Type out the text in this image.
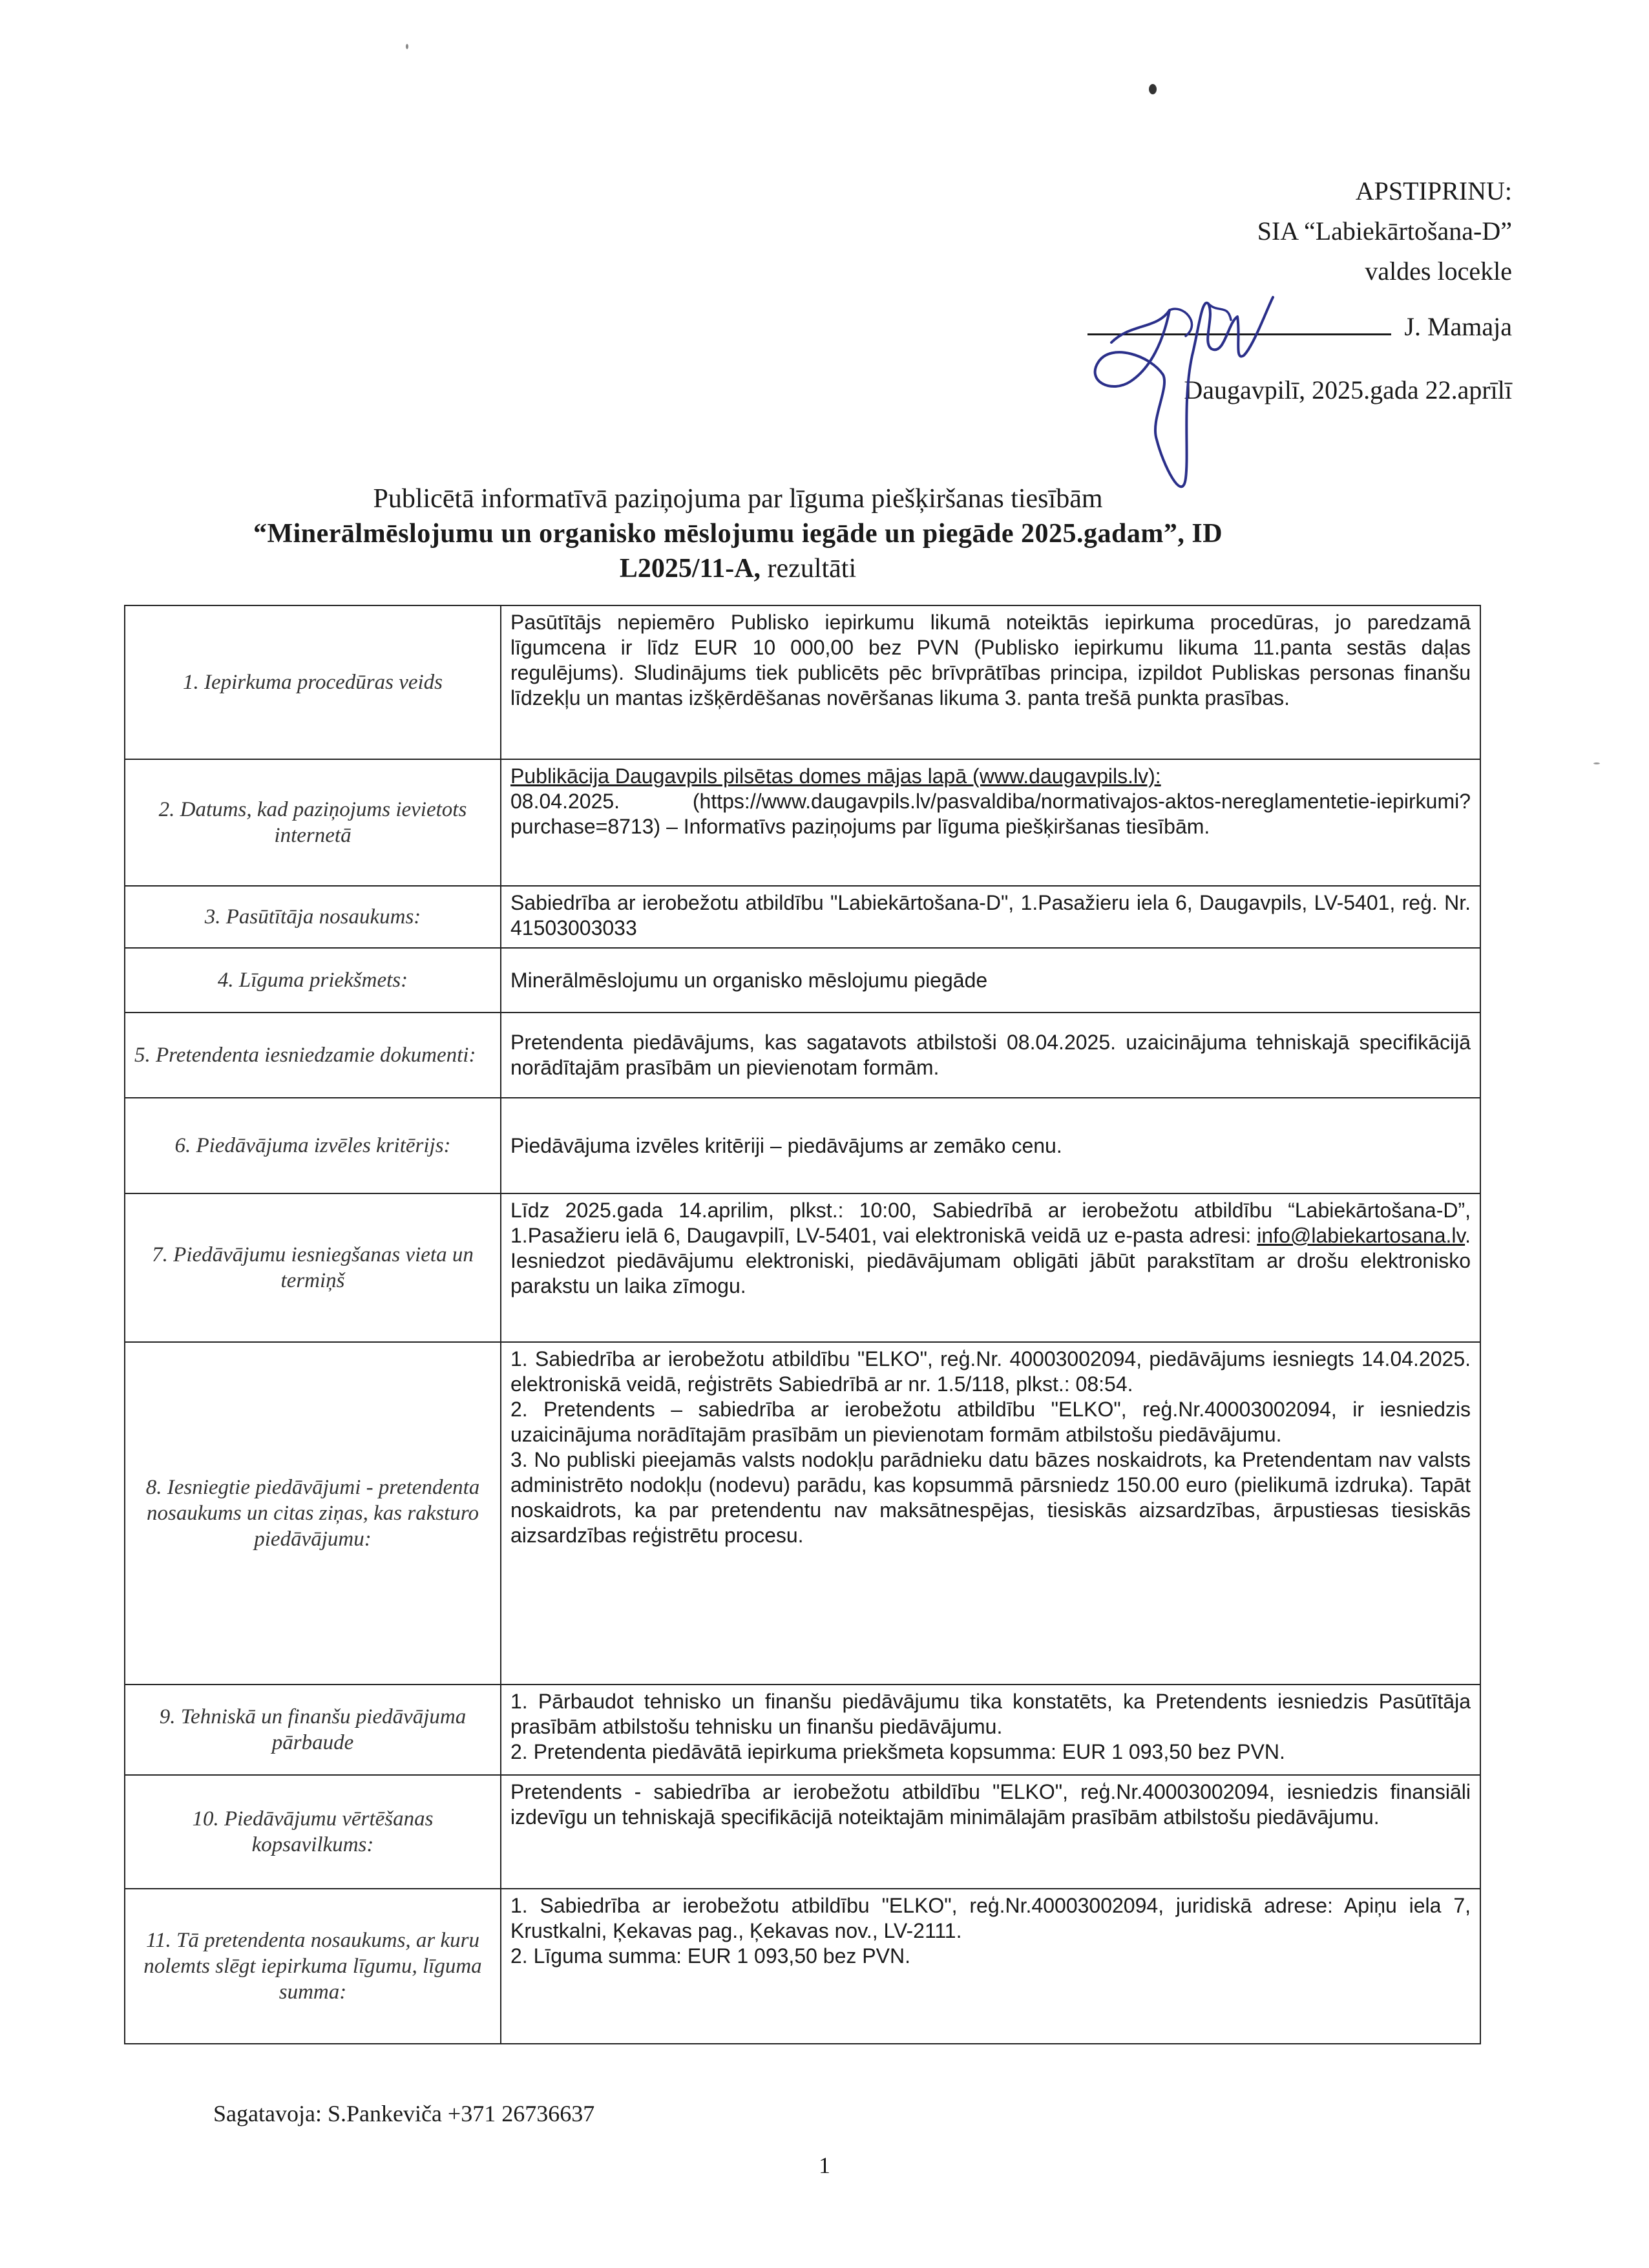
APSTIPRINU:
SIA “Labiekārtošana-D”
valdes locekle
J. Mamaja
Daugavpilī, 2025.gada 22.aprīlī
Publicētā informatīvā paziņojuma par līguma piešķiršanas tiesībām
“Minerālmēslojumu un organisko mēslojumu iegāde un piegāde 2025.gadam”, ID
L2025/11-A, rezultāti
1. Iepirkuma procedūras veids	Pasūtītājs nepiemēro Publisko iepirkumu likumā noteiktās iepirkuma procedūras, jo paredzamā līgumcena ir līdz EUR 10 000,00 bez PVN (Publisko iepirkumu likuma 11.panta sestās daļas regulējums). Sludinājums tiek publicēts pēc brīvprātības principa, izpildot Publiskas personas finanšu līdzekļu un mantas izšķērdēšanas novēršanas likuma 3. panta trešā punkta prasības.
2. Datums, kad paziņojums ievietots internetā	Publikācija Daugavpils pilsētas domes mājas lapā (www.daugavpils.lv):

08.04.2025. (https://www.daugavpils.lv/pasvaldiba/normativajos-aktos-nereglamentetie-iepirkumi?purchase=8713) – Informatīvs paziņojums par līguma piešķiršanas tiesībām.

3. Pasūtītāja nosaukums:	Sabiedrība ar ierobežotu atbildību "Labiekārtošana-D", 1.Pasažieru iela 6, Daugavpils, LV-5401, reģ. Nr. 41503003033
4. Līguma priekšmets:	Minerālmēslojumu un organisko mēslojumu piegāde
5. Pretendenta iesniedzamie dokumenti:	Pretendenta piedāvājums, kas sagatavots atbilstoši 08.04.2025. uzaicinājuma tehniskajā specifikācijā norādītajām prasībām un pievienotam formām.
6. Piedāvājuma izvēles kritērijs:	Piedāvājuma izvēles kritēriji – piedāvājums ar zemāko cenu.
7. Piedāvājumu iesniegšanas vieta un termiņš	Līdz 2025.gada 14.aprilim, plkst.: 10:00, Sabiedrībā ar ierobežotu atbildību “Labiekārtošana-D”, 1.Pasažieru ielā 6, Daugavpilī, LV-5401, vai elektroniskā veidā uz e-pasta adresi: info@labiekartosana.lv. Iesniedzot piedāvājumu elektroniski, piedāvājumam obligāti jābūt parakstītam ar drošu elektronisko parakstu un laika zīmogu.
8. Iesniegtie piedāvājumi - pretendenta nosaukums un citas ziņas, kas raksturo piedāvājumu:	1. Sabiedrība ar ierobežotu atbildību "ELKO", reģ.Nr. 40003002094, piedāvājums iesniegts 14.04.2025. elektroniskā veidā, reģistrēts Sabiedrībā ar nr. 1.5/118, plkst.: 08:54.

2. Pretendents – sabiedrība ar ierobežotu atbildību "ELKO", reģ.Nr.40003002094, ir iesniedzis uzaicinājuma norādītajām prasībām un pievienotam formām atbilstošu piedāvājumu.

3. No publiski pieejamās valsts nodokļu parādnieku datu bāzes noskaidrots, ka Pretendentam nav valsts administrēto nodokļu (nodevu) parādu, kas kopsummā pārsniedz 150.00 euro (pielikumā izdruka). Tapāt noskaidrots, ka par pretendentu nav maksātnespējas, tiesiskās aizsardzības, ārpustiesas tiesiskās aizsardzības reģistrētu procesu.

9. Tehniskā un finanšu piedāvājuma pārbaude	1. Pārbaudot tehnisko un finanšu piedāvājumu tika konstatēts, ka Pretendents iesniedzis Pasūtītāja prasībām atbilstošu tehnisku un finanšu piedāvājumu.

2. Pretendenta piedāvātā iepirkuma priekšmeta kopsumma: EUR 1 093,50 bez PVN.

10. Piedāvājumu vērtēšanas kopsavilkums:	Pretendents - sabiedrība ar ierobežotu atbildību "ELKO", reģ.Nr.40003002094, iesniedzis finansiāli izdevīgu un tehniskajā specifikācijā noteiktajām minimālajām prasībām atbilstošu piedāvājumu.
11. Tā pretendenta nosaukums, ar kuru nolemts slēgt iepirkuma līgumu, līguma summa:	1. Sabiedrība ar ierobežotu atbildību "ELKO", reģ.Nr.40003002094, juridiskā adrese: Apiņu iela 7, Krustkalni, Ķekavas pag., Ķekavas nov., LV-2111.

2. Līguma summa: EUR 1 093,50 bez PVN.

Sagatavoja: S.Pankeviča +371 26736637
1
